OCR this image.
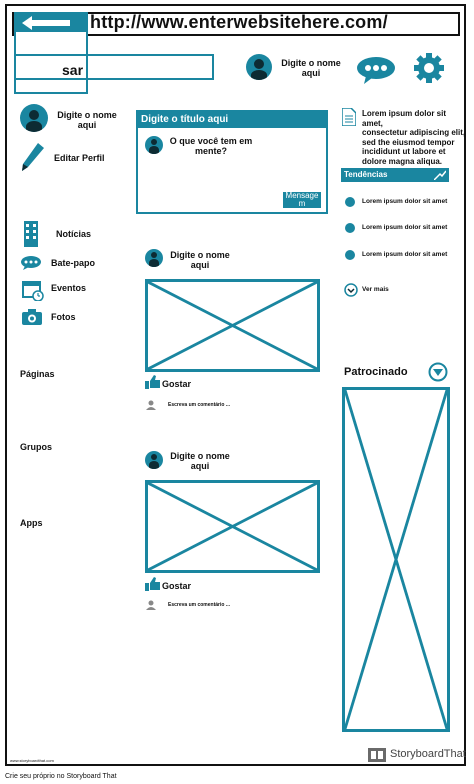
http://www.enterwebsitehere.com/
sar	Digite o nome
aqui
Digite o nome
aqui
Editar Perfil
Notícias
Bate-papo
Eventos
Fotos
Páginas
Grupos
Apps
Digite o título aqui
O que você tem em
mente?
Mensage
m
Digite o nome
aqui
Gostar
Escreva um comentário ...
Digite o nome
aqui
Gostar
Escreva um comentário ...
Lorem ipsum dolor sit amet,
consectetur adipiscing elit,
sed the eiusmod tempor
incididunt ut labore et
dolore magna aliqua.
Tendências
Lorem ipsum dolor sit amet
Lorem ipsum dolor sit amet
Lorem ipsum dolor sit amet
Ver mais
Patrocinado
www.storyboardthat.com
StoryboardThat
Crie seu próprio no Storyboard That
